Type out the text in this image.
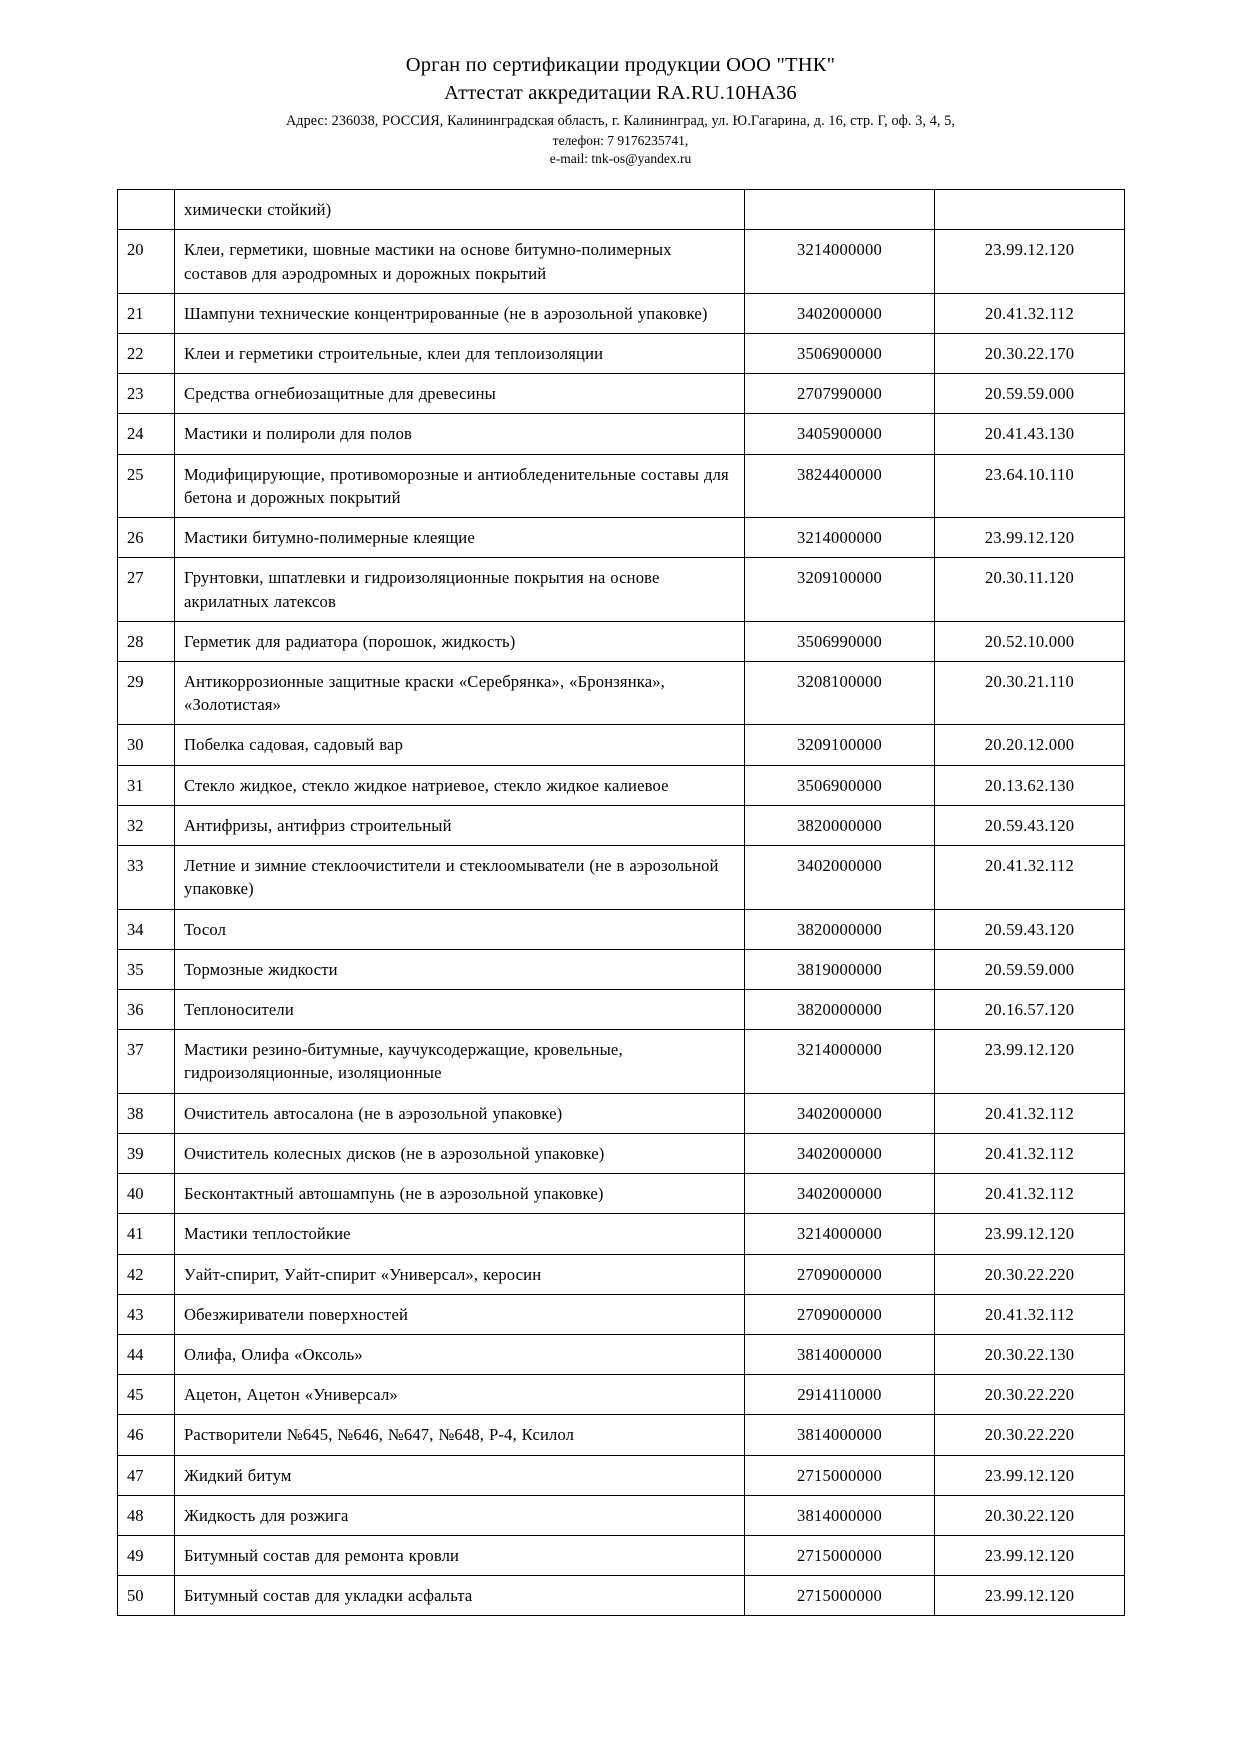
Орган по сертификации продукции ООО "ТНК"
Аттестат аккредитации RA.RU.10НА36
Адрес: 236038, РОССИЯ, Калининградская область, г. Калининград, ул. Ю.Гагарина, д. 16, стр. Г, оф. 3, 4, 5,
телефон: 7 9176235741,
e-mail: tnk-os@yandex.ru
	химически стойкий)		
20	Клеи, герметики, шовные мастики на основе битумно-полимерных составов для аэродромных и дорожных покрытий	3214000000	23.99.12.120
21	Шампуни технические концентрированные (не в аэрозольной упаковке)	3402000000	20.41.32.112
22	Клеи и герметики строительные, клеи для теплоизоляции	3506900000	20.30.22.170
23	Средства огнебиозащитные для древесины	2707990000	20.59.59.000
24	Мастики и полироли для полов	3405900000	20.41.43.130
25	Модифицирующие, противоморозные и антиобледенительные составы для бетона и дорожных покрытий	3824400000	23.64.10.110
26	Мастики битумно-полимерные клеящие	3214000000	23.99.12.120
27	Грунтовки, шпатлевки и гидроизоляционные покрытия на основе акрилатных латексов	3209100000	20.30.11.120
28	Герметик для радиатора (порошок, жидкость)	3506990000	20.52.10.000
29	Антикоррозионные защитные краски «Серебрянка», «Бронзянка», «Золотистая»	3208100000	20.30.21.110
30	Побелка садовая, садовый вар	3209100000	20.20.12.000
31	Стекло жидкое, стекло жидкое натриевое, стекло жидкое калиевое	3506900000	20.13.62.130
32	Антифризы, антифриз строительный	3820000000	20.59.43.120
33	Летние и зимние стеклоочистители и стеклоомыватели (не в аэрозольной упаковке)	3402000000	20.41.32.112
34	Тосол	3820000000	20.59.43.120
35	Тормозные жидкости	3819000000	20.59.59.000
36	Теплоносители	3820000000	20.16.57.120
37	Мастики резино-битумные, каучуксодержащие, кровельные, гидроизоляционные, изоляционные	3214000000	23.99.12.120
38	Очиститель автосалона (не в аэрозольной упаковке)	3402000000	20.41.32.112
39	Очиститель колесных дисков (не в аэрозольной упаковке)	3402000000	20.41.32.112
40	Бесконтактный автошампунь (не в аэрозольной упаковке)	3402000000	20.41.32.112
41	Мастики теплостойкие	3214000000	23.99.12.120
42	Уайт-спирит, Уайт-спирит «Универсал», керосин	2709000000	20.30.22.220
43	Обезжириватели поверхностей	2709000000	20.41.32.112
44	Олифа, Олифа «Оксоль»	3814000000	20.30.22.130
45	Ацетон, Ацетон «Универсал»	2914110000	20.30.22.220
46	Растворители №645, №646, №647, №648, Р-4, Ксилол	3814000000	20.30.22.220
47	Жидкий битум	2715000000	23.99.12.120
48	Жидкость для розжига	3814000000	20.30.22.120
49	Битумный состав для ремонта кровли	2715000000	23.99.12.120
50	Битумный состав для укладки асфальта	2715000000	23.99.12.120
